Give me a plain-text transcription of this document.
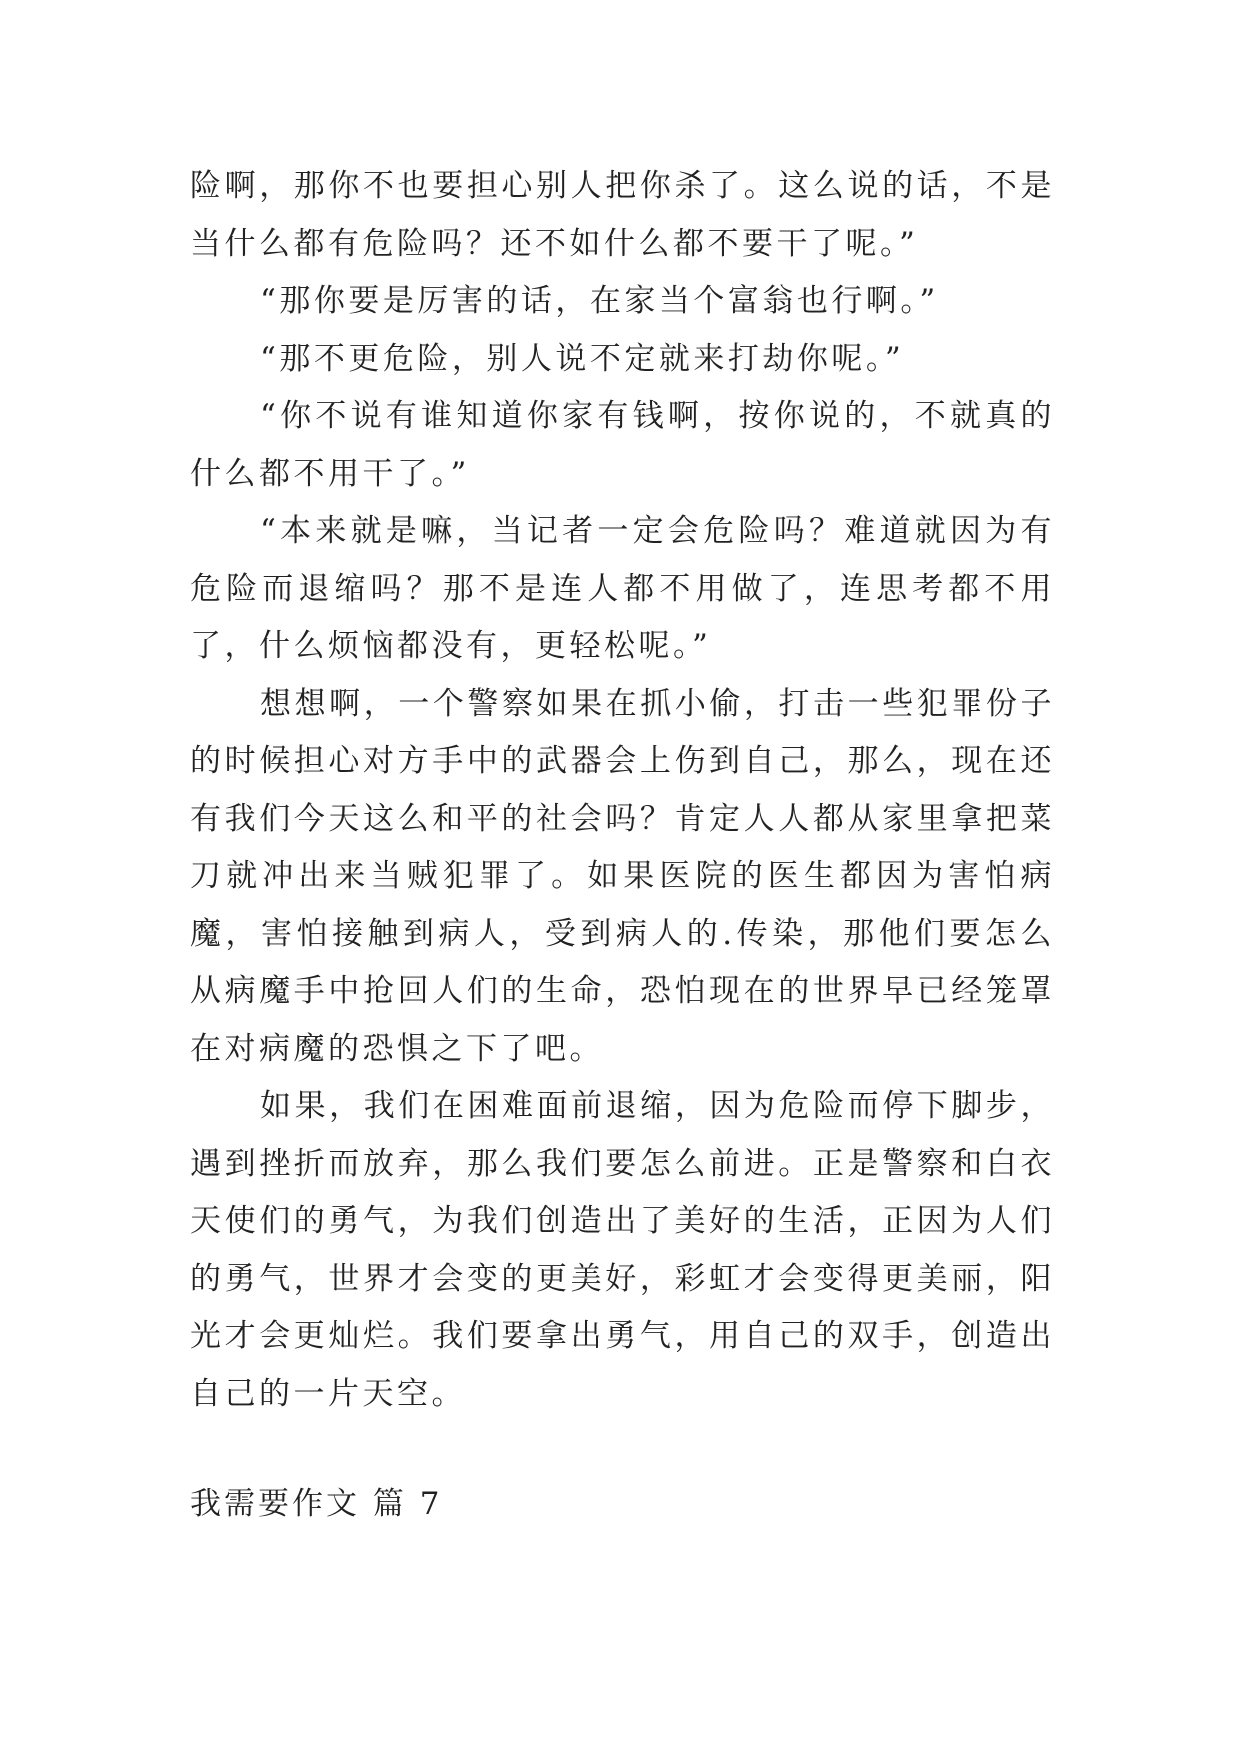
险啊，那你不也要担心别人把你杀了。这么说的话，不是当什么都有危险吗？还不如什么都不要干了呢。”

“那你要是厉害的话，在家当个富翁也行啊。”

“那不更危险，别人说不定就来打劫你呢。”

“你不说有谁知道你家有钱啊，按你说的，不就真的什么都不用干了。”

“本来就是嘛，当记者一定会危险吗？难道就因为有危险而退缩吗？那不是连人都不用做了，连思考都不用了，什么烦恼都没有，更轻松呢。”

想想啊，一个警察如果在抓小偷，打击一些犯罪份子的时候担心对方手中的武器会上伤到自己，那么，现在还有我们今天这么和平的社会吗？肯定人人都从家里拿把菜刀就冲出来当贼犯罪了。如果医院的医生都因为害怕病魔，害怕接触到病人，受到病人的.传染，那他们要怎么从病魔手中抢回人们的生命，恐怕现在的世界早已经笼罩在对病魔的恐惧之下了吧。

如果，我们在困难面前退缩，因为危险而停下脚步，遇到挫折而放弃，那么我们要怎么前进。正是警察和白衣天使们的勇气，为我们创造出了美好的生活，正因为人们的勇气，世界才会变的更美好，彩虹才会变得更美丽，阳光才会更灿烂。我们要拿出勇气，用自己的双手，创造出自己的一片天空。

我需要作文 篇 7
